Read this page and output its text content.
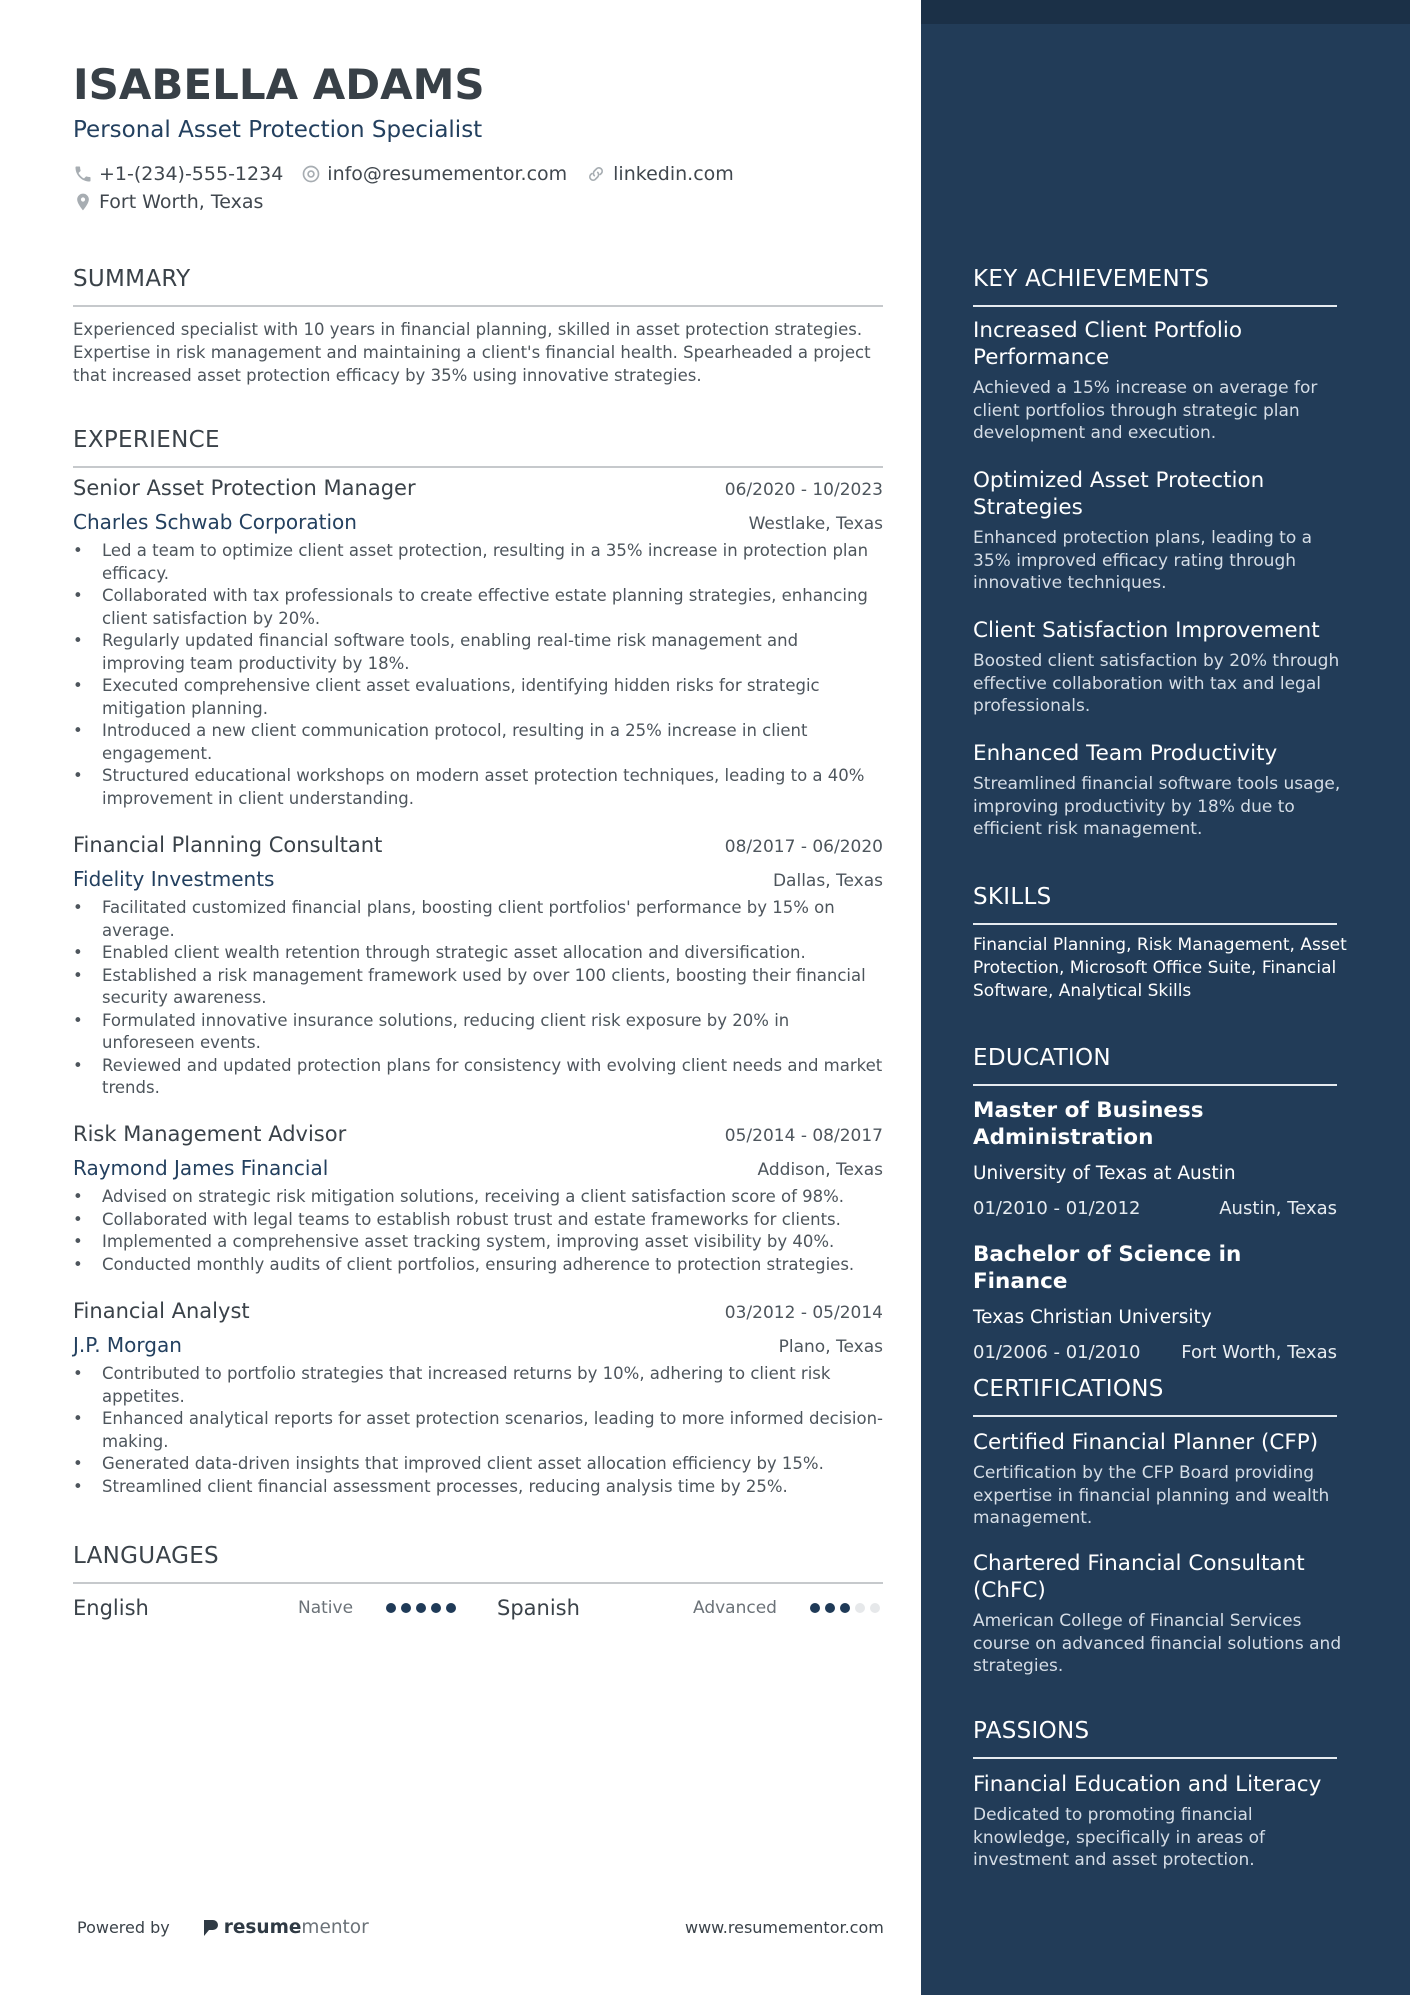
ISABELLA ADAMS
Personal Asset Protection Specialist
+1-(234)-555-1234 info@resumementor.com linkedin.com
Fort Worth, Texas
SUMMARY
Experienced specialist with 10 years in financial planning, skilled in asset protection strategies. Expertise in risk management and maintaining a client's financial health. Spearheaded a project that increased asset protection efficacy by 35% using innovative strategies.
EXPERIENCE
Senior Asset Protection Manager	06/2020 - 10/2023
Charles Schwab Corporation	Westlake, Texas
• Led a team to optimize client asset protection, resulting in a 35% increase in protection plan efficacy.
• Collaborated with tax professionals to create effective estate planning strategies, enhancing client satisfaction by 20%.
• Regularly updated financial software tools, enabling real-time risk management and improving team productivity by 18%.
• Executed comprehensive client asset evaluations, identifying hidden risks for strategic mitigation planning.
• Introduced a new client communication protocol, resulting in a 25% increase in client engagement.
• Structured educational workshops on modern asset protection techniques, leading to a 40% improvement in client understanding.
Financial Planning Consultant	08/2017 - 06/2020
Fidelity Investments	Dallas, Texas
• Facilitated customized financial plans, boosting client portfolios' performance by 15% on average.
• Enabled client wealth retention through strategic asset allocation and diversification.
• Established a risk management framework used by over 100 clients, boosting their financial security awareness.
• Formulated innovative insurance solutions, reducing client risk exposure by 20% in unforeseen events.
• Reviewed and updated protection plans for consistency with evolving client needs and market trends.
Risk Management Advisor	05/2014 - 08/2017
Raymond James Financial	Addison, Texas
• Advised on strategic risk mitigation solutions, receiving a client satisfaction score of 98%.
• Collaborated with legal teams to establish robust trust and estate frameworks for clients.
• Implemented a comprehensive asset tracking system, improving asset visibility by 40%.
• Conducted monthly audits of client portfolios, ensuring adherence to protection strategies.
Financial Analyst	03/2012 - 05/2014
J.P. Morgan	Plano, Texas
• Contributed to portfolio strategies that increased returns by 10%, adhering to client risk appetites.
• Enhanced analytical reports for asset protection scenarios, leading to more informed decision-making.
• Generated data-driven insights that improved client asset allocation efficiency by 15%.
• Streamlined client financial assessment processes, reducing analysis time by 25%.
LANGUAGES
English	Native	Spanish	Advanced
Powered by	resume mentor	www.resumementor.com
KEY ACHIEVEMENTS
Increased Client Portfolio Performance
Achieved a 15% increase on average for client portfolios through strategic plan development and execution.
Optimized Asset Protection Strategies
Enhanced protection plans, leading to a 35% improved efficacy rating through innovative techniques.
Client Satisfaction Improvement
Boosted client satisfaction by 20% through effective collaboration with tax and legal professionals.
Enhanced Team Productivity
Streamlined financial software tools usage, improving productivity by 18% due to efficient risk management.
SKILLS
Financial Planning, Risk Management, Asset Protection, Microsoft Office Suite, Financial Software, Analytical Skills
EDUCATION
Master of Business Administration
University of Texas at Austin
01/2010 - 01/2012	Austin, Texas
Bachelor of Science in Finance
Texas Christian University
01/2006 - 01/2010 Fort Worth, Texas
CERTIFICATIONS
Certified Financial Planner (CFP)
Certification by the CFP Board providing expertise in financial planning and wealth management.
Chartered Financial Consultant (ChFC)
American College of Financial Services course on advanced financial solutions and strategies.
PASSIONS
Financial Education and Literacy
Dedicated to promoting financial knowledge, specifically in areas of investment and asset protection.
